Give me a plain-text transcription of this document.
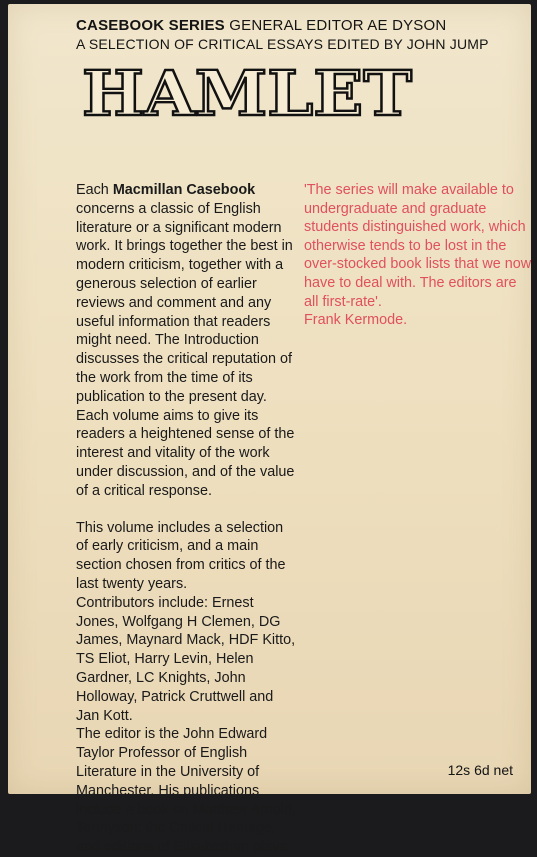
CASEBOOK SERIES GENERAL EDITOR AE DYSON
A SELECTION OF CRITICAL ESSAYS EDITED BY JOHN JUMP
HAMLET

Each Macmillan Casebook concerns a classic of English literature or a significant modern work. It brings together the best in modern criticism, together with a generous selection of earlier reviews and comment and any useful information that readers might need. The Introduction discusses the critical reputation of the work from the time of its publication to the present day.

Each volume aims to give its readers a heightened sense of the interest and vitality of the work under discussion, and of the value of a critical response.

This volume includes a selection of early criticism, and a main section chosen from critics of the last twenty years.

Contributors include: Ernest Jones, Wolfgang H Clemen, DG James, Maynard Mack, HDF Kitto, TS Eliot, Harry Levin, Helen Gardner, LC Knights, John Holloway, Patrick Cruttwell and Jan Kott.

The editor is the John Edward Taylor Professor of English Literature in the University of Manchester. His publications include a book on Matthew Arnold, Tennyson: the Critical Heritage, and editions of Elizabethan plays.

'The series will make available to undergraduate and graduate students distinguished work, which otherwise tends to be lost in the over-stocked book lists that we now have to deal with. The editors are all first-rate'.

Frank Kermode.

12s 6d net
